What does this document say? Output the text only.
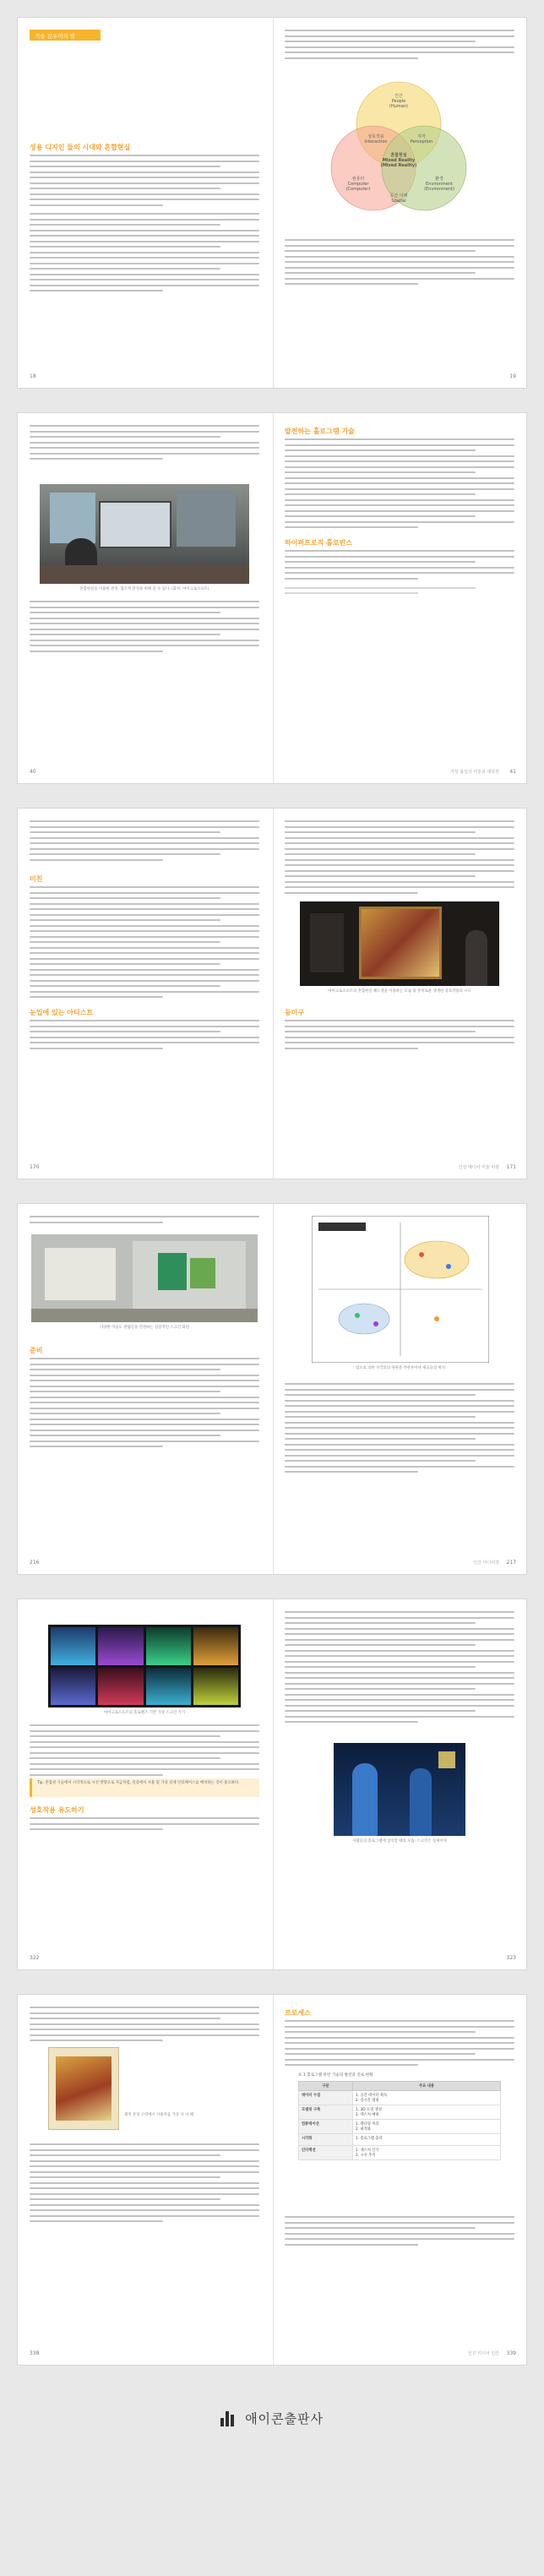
기술 감우미의 발
성용 디지인 들의 시대와 혼합현실
18
인간 People (Human)
컴퓨터 Computer (Computer)
환경 Environment (Environment)
상호작용 Interaction
지각 Perception
공간 이해 Spatial
혼합현실 Mixed Reality (Mixed Reality)
19
혼합현실을 이용한 관리, 협조적 환경을 위해 쓸 수 있다. (출처: 마이크로소프트)
40
발전하는 홀로그램 기술
하이퍼프로직 홀로빈스
가상 몰입의 미술과 대학원 41
미친
눈입에 있는 아티스트
170
마이크로소프트의 혼합현실 헤드셋을 이용하는 모습 및 흥미로운 생생한 상호작용의 시도
동미구
인상 메디어 미술 비평 171
다양한 미술도 관람들을 연결하는 실증적인 스크린 화면
준비
216
업으로 의한 지각의의 따원을 부관론이냐 새료들의 위치
인간 미디어작 217
마이크로소프트의 홀로렌즈 기반 가상 스크린 기기
Tip. 혼합성 기술에서 시각적으로 시선 방향으로 지금처럼, 실증에서 사용 및 가상 실제 인터페이스를 배치하는 것이 중요하다.
성호작용 유도하기
322
사람들의 홀로그램에 참석할 때의 모습: 스크린은 실제이다
323
쾌적 혼성 구역에서 사용자를 가상 사 사 해
338
프로세스
표 1 홀로그램 관련 기술의 발전과 진로 현황
구분	주요 내용
데이터 수집	1. 공간 데이터 획득
2. 실시간 맵핑
모델링 구축	1. 3D 모델 생성
2. 텍스처 매핑
컴퓨테이션	1. 렌더링 처리
2. 최적화
시각화	1. 홀로그램 출력
인터랙션	1. 제스처 인식
2. 시선 추적
인간 미디어 인간 339
애이콘출판사
